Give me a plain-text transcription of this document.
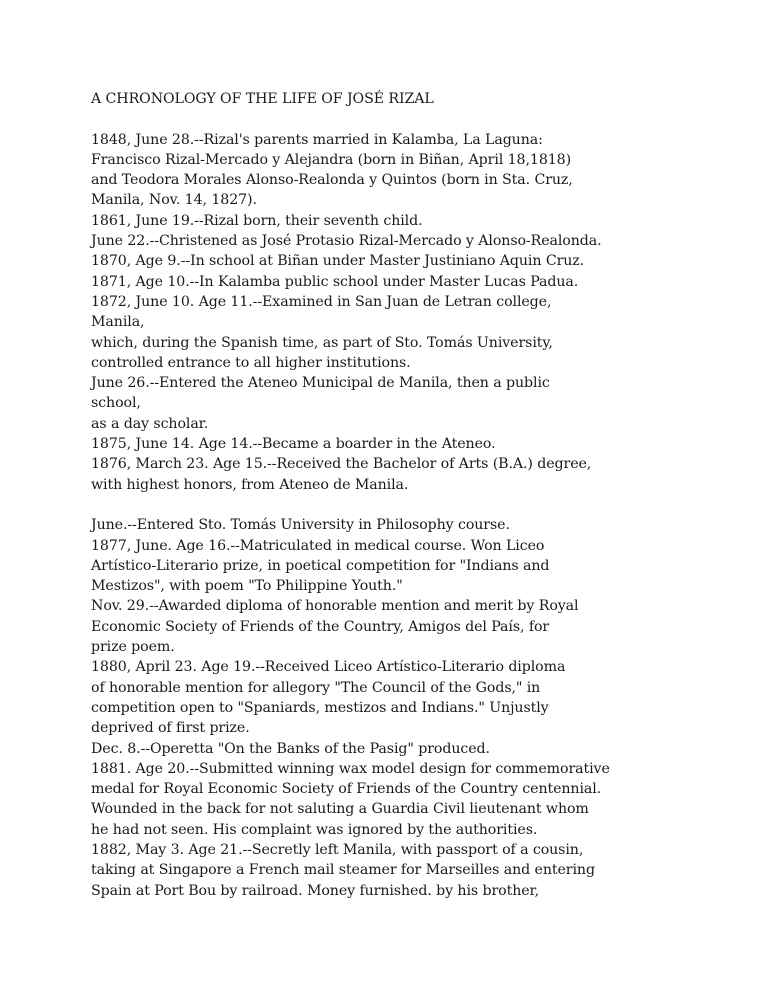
A CHRONOLOGY OF THE LIFE OF JOSÉ RIZAL
1848, June 28.--Rizal's parents married in Kalamba, La Laguna:
Francisco Rizal-Mercado y Alejandra (born in Biñan, April 18,1818)
and Teodora Morales Alonso-Realonda y Quintos (born in Sta. Cruz,
Manila, Nov. 14, 1827).
1861, June 19.--Rizal born, their seventh child.
June 22.--Christened as José Protasio Rizal-Mercado y Alonso-Realonda.
1870, Age 9.--In school at Biñan under Master Justiniano Aquin Cruz.
1871, Age 10.--In Kalamba public school under Master Lucas Padua.
1872, June 10. Age 11.--Examined in San Juan de Letran college,
Manila,
which, during the Spanish time, as part of Sto. Tomás University,
controlled entrance to all higher institutions.
June 26.--Entered the Ateneo Municipal de Manila, then a public
school,
as a day scholar.
1875, June 14. Age 14.--Became a boarder in the Ateneo.
1876, March 23. Age 15.--Received the Bachelor of Arts (B.A.) degree,
with highest honors, from Ateneo de Manila.
June.--Entered Sto. Tomás University in Philosophy course.
1877, June. Age 16.--Matriculated in medical course. Won Liceo
Artístico-Literario prize, in poetical competition for "Indians and
Mestizos", with poem "To Philippine Youth."
Nov. 29.--Awarded diploma of honorable mention and merit by Royal
Economic Society of Friends of the Country, Amigos del País, for
prize poem.
1880, April 23. Age 19.--Received Liceo Artístico-Literario diploma
of honorable mention for allegory "The Council of the Gods," in
competition open to "Spaniards, mestizos and Indians." Unjustly
deprived of first prize.
Dec. 8.--Operetta "On the Banks of the Pasig" produced.
1881. Age 20.--Submitted winning wax model design for commemorative
medal for Royal Economic Society of Friends of the Country centennial.
Wounded in the back for not saluting a Guardia Civil lieutenant whom
he had not seen. His complaint was ignored by the authorities.
1882, May 3. Age 21.--Secretly left Manila, with passport of a cousin,
taking at Singapore a French mail steamer for Marseilles and entering
Spain at Port Bou by railroad. Money furnished. by his brother,
